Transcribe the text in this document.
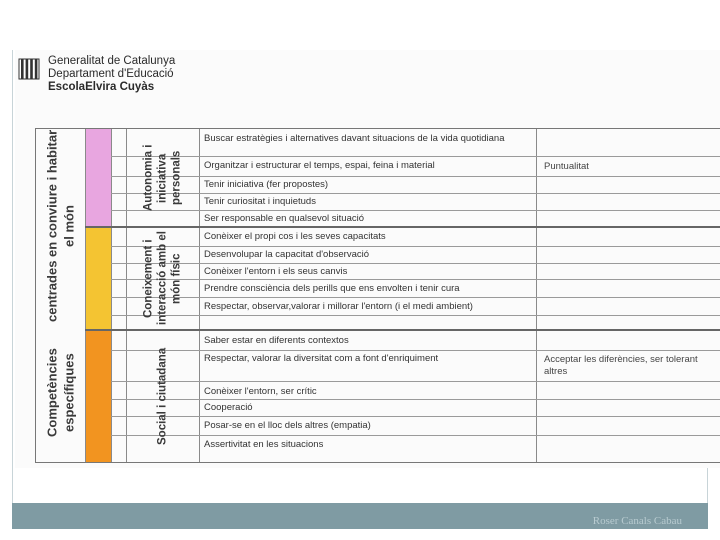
Generalitat de Catalunya
Departament d'Educació
EscolaElvira Cuyàs
Competències específiques
centrades en conviure i habitar el món
Autonomia i iniciativa personals
Coneixement i interacció amb el món físic
Social i ciutadana
Buscar estratègies i alternatives davant situacions de la vida quotidiana
Organitzar i estructurar el temps, espai, feina i material
Tenir iniciativa (fer propostes)
Tenir curiositat i inquietuds
Ser responsable en qualsevol situació
Conèixer el propi cos i les seves capacitats
Desenvolupar la capacitat d'observació
Conèixer l'entorn i els seus canvis
Prendre consciència dels perills que ens envolten i tenir cura
Respectar, observar,valorar i millorar l'entorn (i el medi ambient)
Saber estar en diferents contextos
Respectar, valorar la diversitat com a font d'enriquiment
Conèixer l'entorn, ser crític
Cooperació
Posar-se en el lloc dels altres (empatia)
Assertivitat en les situacions
Puntualitat
Acceptar les diferències, ser tolerant
altres
Roser Canals Cabau
